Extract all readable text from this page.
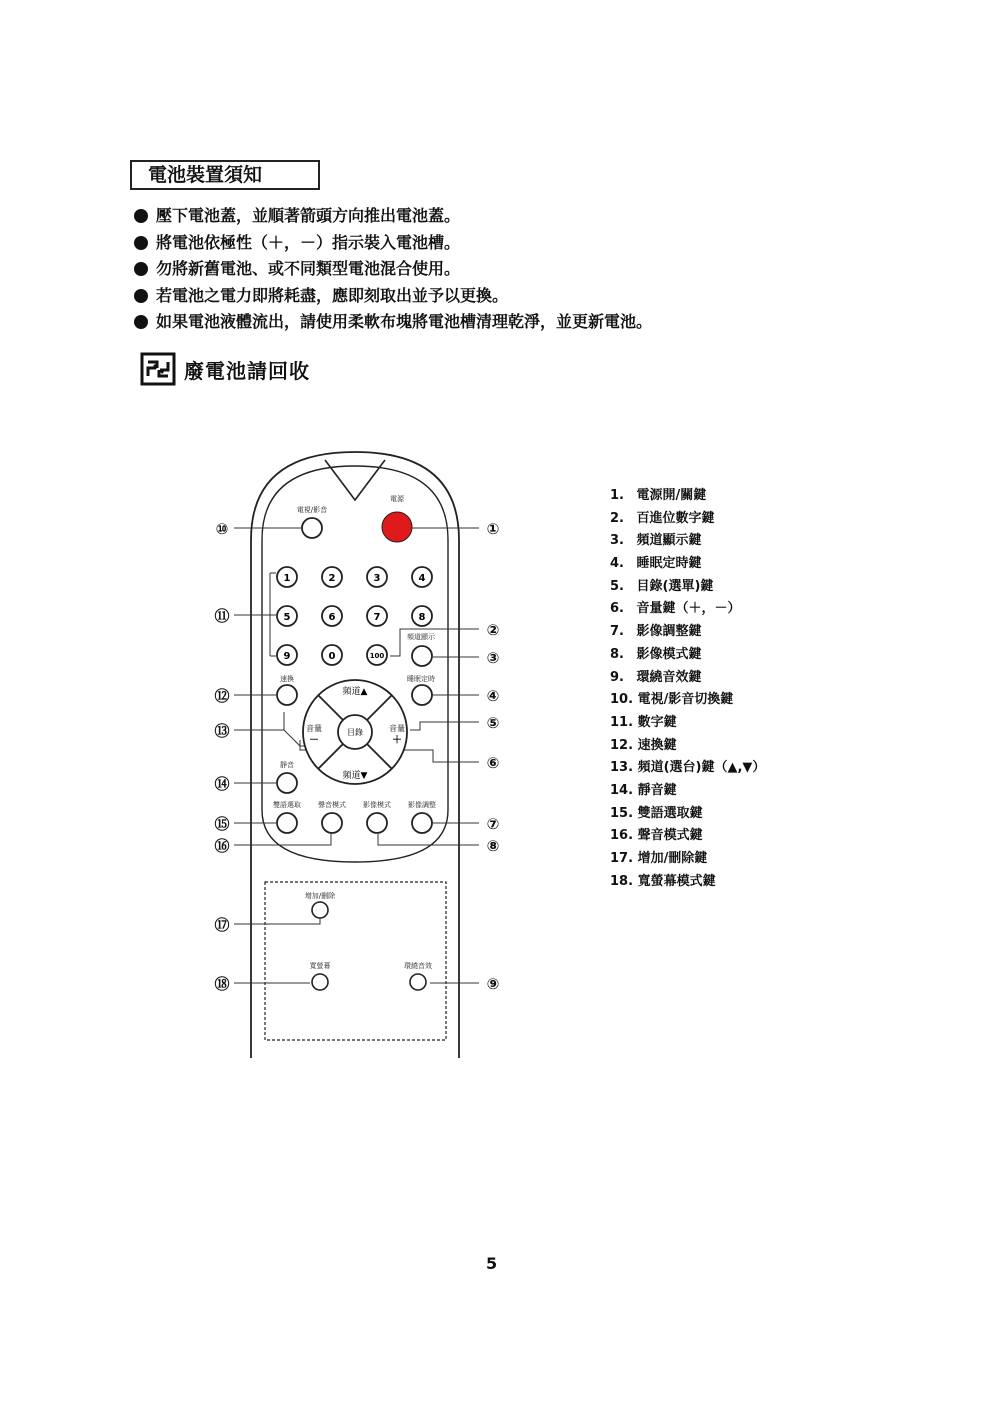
電池裝置須知
壓下電池蓋，並順著箭頭方向推出電池蓋。
將電池依極性（＋，－）指示裝入電池槽。
勿將新舊電池、或不同類型電池混合使用。
若電池之電力即將耗盡，應即刻取出並予以更換。
如果電池液體流出，請使用柔軟布塊將電池槽清理乾淨，並更新電池。
廢電池請回收
①
②
③
④
⑤
⑥
⑦
⑧
⑨
⑩
⑪
⑫
⑬
⑭
⑮
⑯
⑰
⑱
電視/影音
電源
頻道顯示
速換	睡眠定時
靜音
雙語選取 聲音模式 影像模式 影像調整
增加/刪除
寬螢幕	環繞音效
1	2	3	4
5	6	7	8
9	0	100
目錄
頻道▲
頻道▼
音量
－
音量
＋
1. 電源開/關鍵
2. 百進位數字鍵
3. 頻道顯示鍵
4. 睡眠定時鍵
5. 目錄(選單)鍵
6. 音量鍵（＋，－）
7. 影像調整鍵
8. 影像模式鍵
9. 環繞音效鍵
10. 電視/影音切換鍵
11. 數字鍵
12. 速換鍵
13. 頻道(選台)鍵（▲,▼）
14. 靜音鍵
15. 雙語選取鍵
16. 聲音模式鍵
17. 增加/刪除鍵
18. 寬螢幕模式鍵
5
